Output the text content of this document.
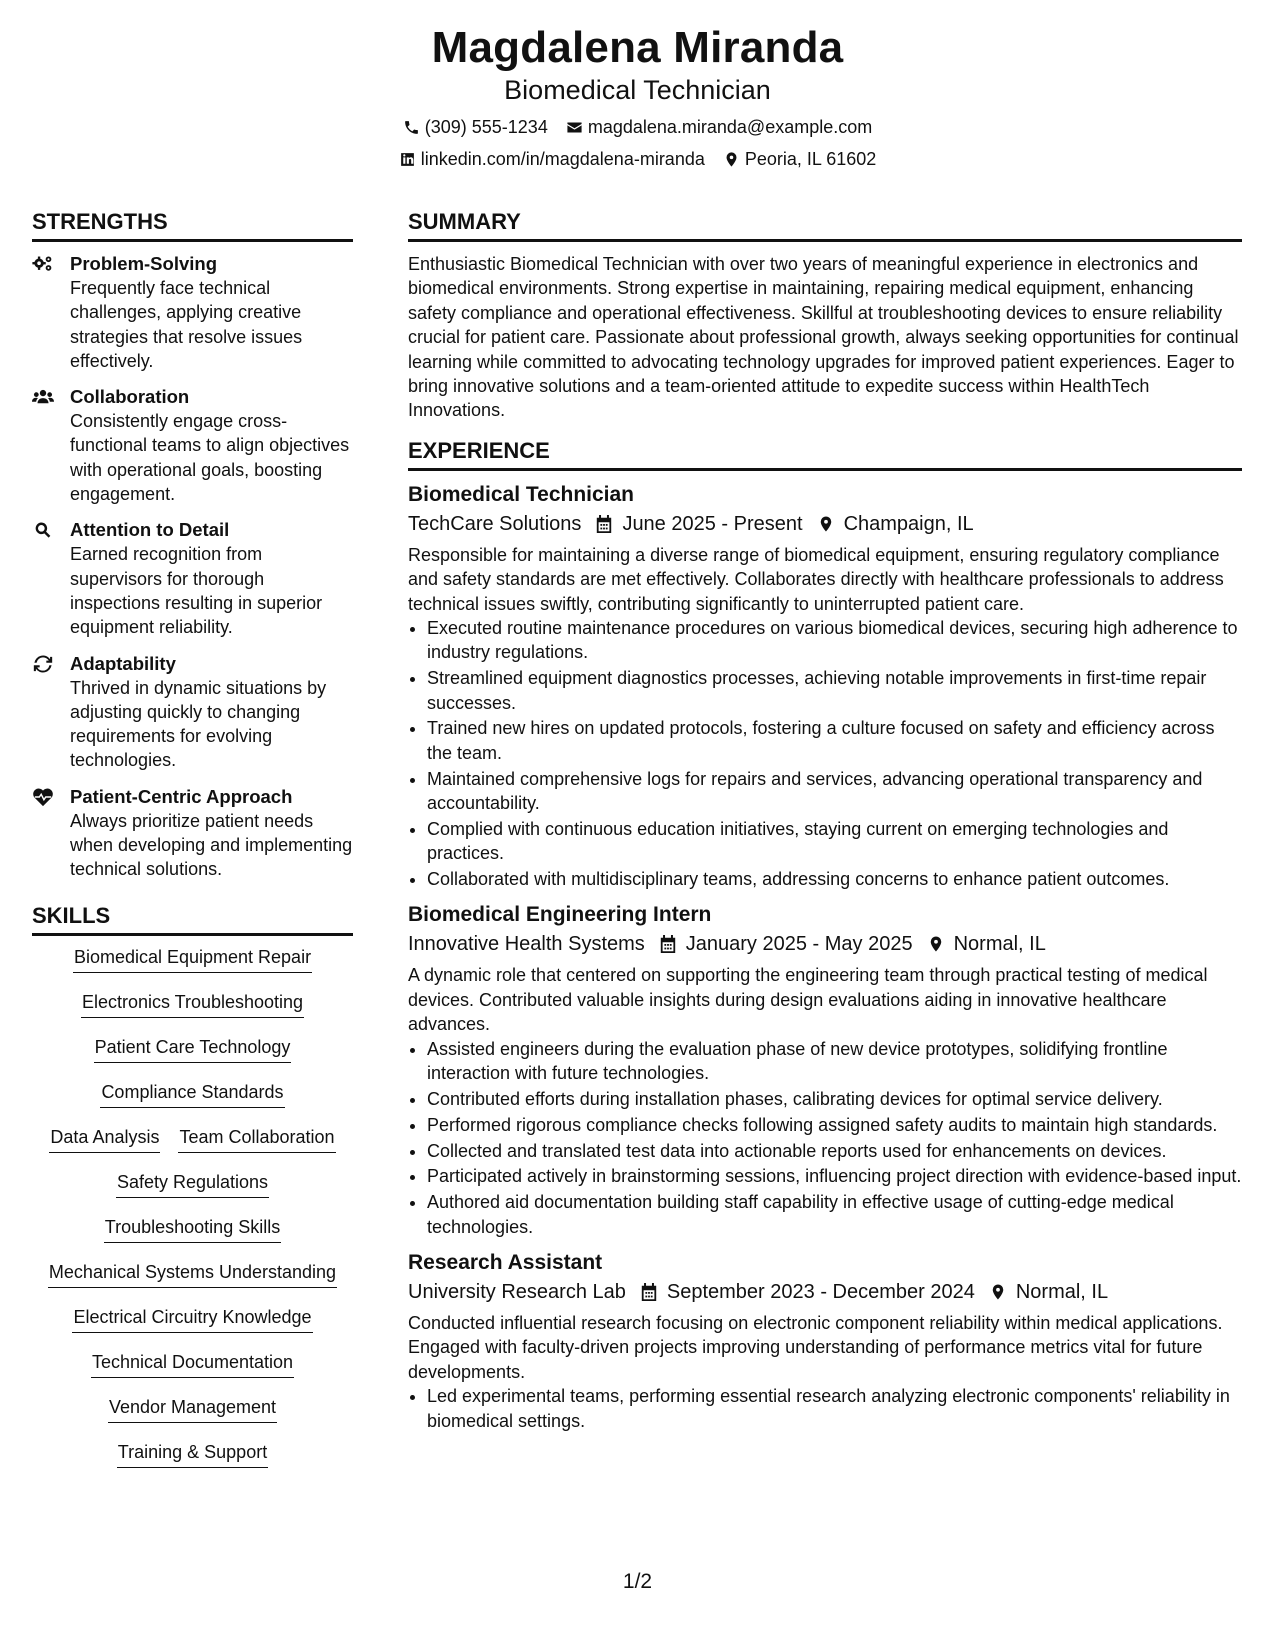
Magdalena Miranda
Biomedical Technician
(309) 555-1234 magdalena.miranda@example.com
linkedin.com/in/magdalena-miranda Peoria, IL 61602
STRENGTHS
Problem-Solving
Frequently face technical challenges, applying creative strategies that resolve issues effectively.
Collaboration
Consistently engage cross-functional teams to align objectives with operational goals, boosting engagement.
Attention to Detail
Earned recognition from supervisors for thorough inspections resulting in superior equipment reliability.
Adaptability
Thrived in dynamic situations by adjusting quickly to changing requirements for evolving technologies.
Patient-Centric Approach
Always prioritize patient needs when developing and implementing technical solutions.
SKILLS
Biomedical Equipment Repair
Electronics Troubleshooting
Patient Care Technology
Compliance Standards
Data Analysis Team Collaboration
Safety Regulations
Troubleshooting Skills
Mechanical Systems Understanding
Electrical Circuitry Knowledge
Technical Documentation
Vendor Management
Training & Support
SUMMARY
Enthusiastic Biomedical Technician with over two years of meaningful experience in electronics and biomedical environments. Strong expertise in maintaining, repairing medical equipment, enhancing safety compliance and operational effectiveness. Skillful at troubleshooting devices to ensure reliability crucial for patient care. Passionate about professional growth, always seeking opportunities for continual learning while committed to advocating technology upgrades for improved patient experiences. Eager to bring innovative solutions and a team-oriented attitude to expedite success within HealthTech Innovations.
EXPERIENCE
Biomedical Technician
TechCare Solutions June 2025 - Present Champaign, IL
Responsible for maintaining a diverse range of biomedical equipment, ensuring regulatory compliance and safety standards are met effectively. Collaborates directly with healthcare professionals to address technical issues swiftly, contributing significantly to uninterrupted patient care.
• Executed routine maintenance procedures on various biomedical devices, securing high adherence to industry regulations.
• Streamlined equipment diagnostics processes, achieving notable improvements in first-time repair successes.
• Trained new hires on updated protocols, fostering a culture focused on safety and efficiency across the team.
• Maintained comprehensive logs for repairs and services, advancing operational transparency and accountability.
• Complied with continuous education initiatives, staying current on emerging technologies and practices.
• Collaborated with multidisciplinary teams, addressing concerns to enhance patient outcomes.
Biomedical Engineering Intern
Innovative Health Systems January 2025 - May 2025 Normal, IL
A dynamic role that centered on supporting the engineering team through practical testing of medical devices. Contributed valuable insights during design evaluations aiding in innovative healthcare advances.
• Assisted engineers during the evaluation phase of new device prototypes, solidifying frontline interaction with future technologies.
• Contributed efforts during installation phases, calibrating devices for optimal service delivery.
• Performed rigorous compliance checks following assigned safety audits to maintain high standards.
• Collected and translated test data into actionable reports used for enhancements on devices.
• Participated actively in brainstorming sessions, influencing project direction with evidence-based input.
• Authored aid documentation building staff capability in effective usage of cutting-edge medical technologies.
Research Assistant
University Research Lab September 2023 - December 2024 Normal, IL
Conducted influential research focusing on electronic component reliability within medical applications. Engaged with faculty-driven projects improving understanding of performance metrics vital for future developments.
• Led experimental teams, performing essential research analyzing electronic components' reliability in biomedical settings.
1/2
